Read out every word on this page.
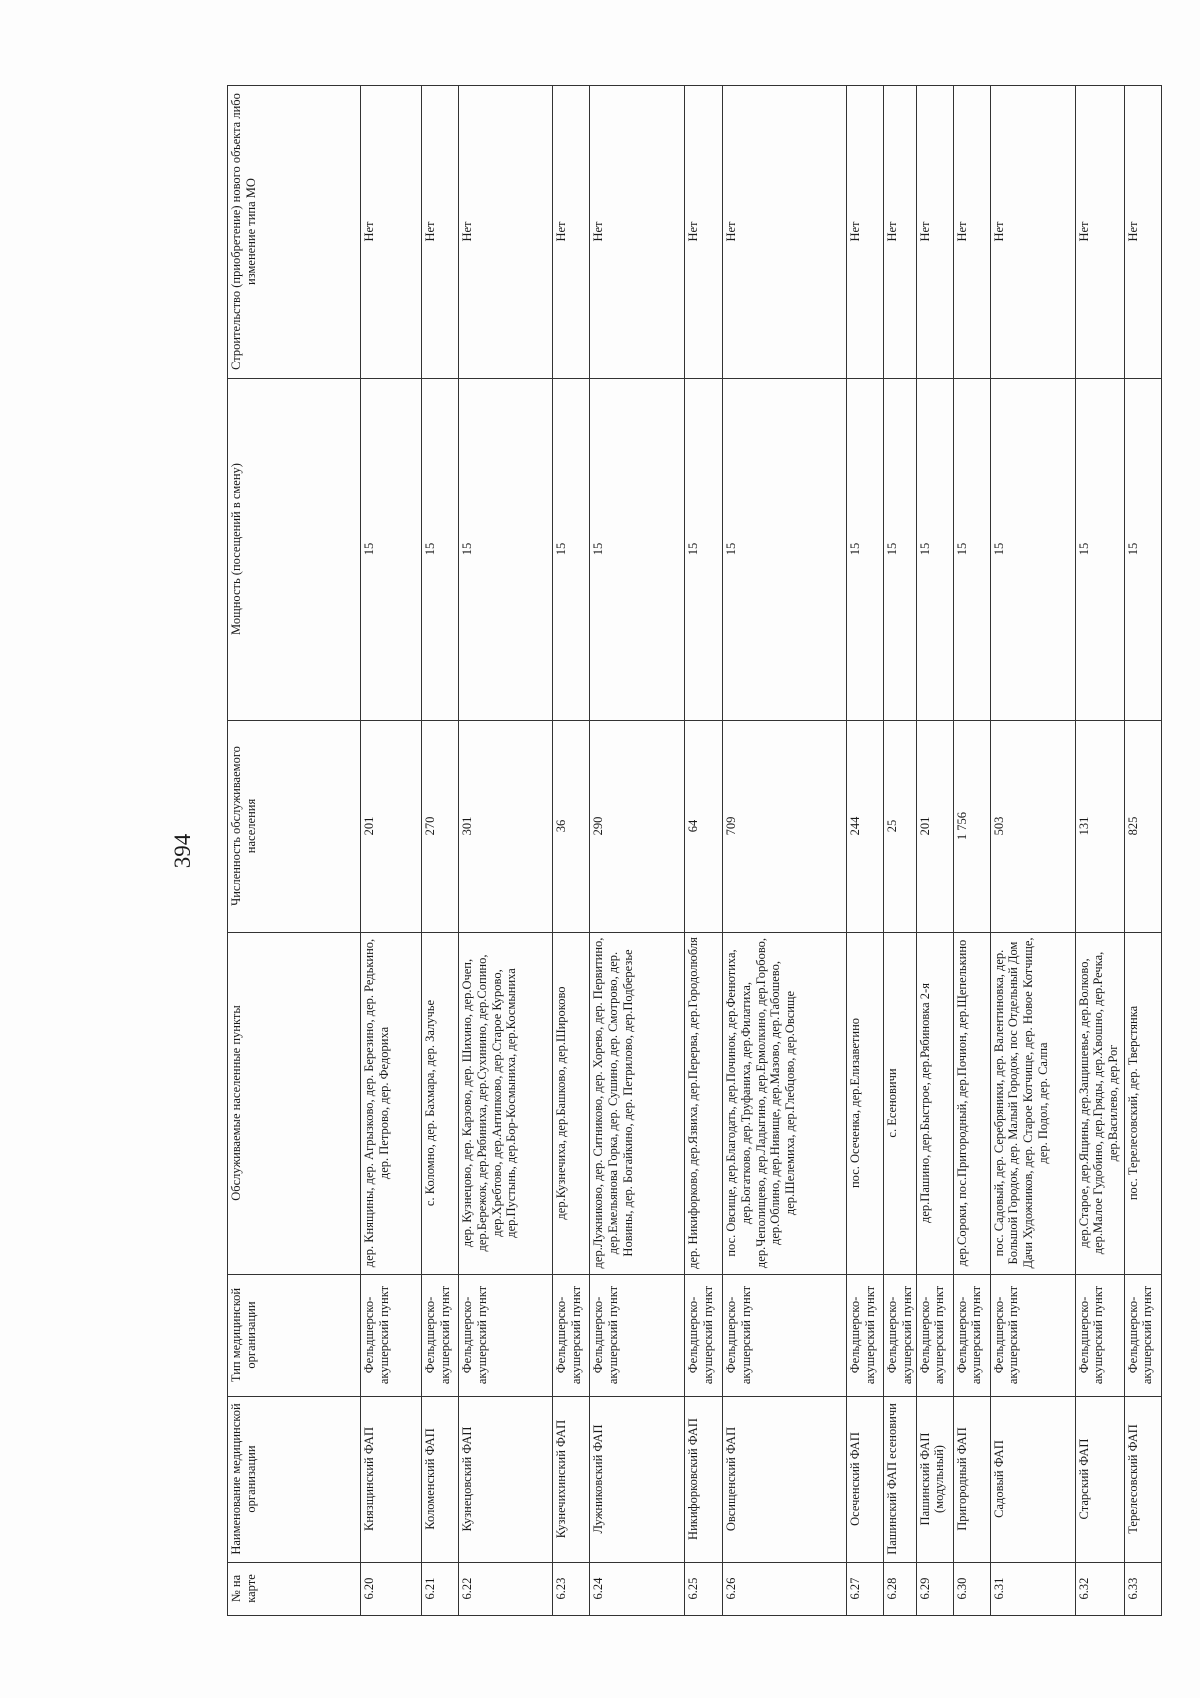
394
№ на карте	Наименование медицинской организации	Тип медицинской организации	Обслуживаемые населенные пункты	Численность обслуживаемого населения	Мощность (посещений в смену)	Строительство (приобретение) нового объекта либо изменение типа МО
6.20	Князщинский ФАП	Фельдшерско-акушерский пункт	дер. Княщины, дер. Агрызково, дер. Березино, дер. Редькино, дер. Петрово, дер. Федориха	201	15	Нет
6.21	Коломенский ФАП	Фельдшерско-акушерский пункт	с. Коломно, дер. Бахмара, дер. Залучье	270	15	Нет
6.22	Кузнецовский ФАП	Фельдшерско-акушерский пункт	дер. Кузнецово, дер. Карзово, дер. Шихино, дер.Очеп, дер.Бережок, дер.Рябиниха, дер.Сухинино, дер.Сопино, дер.Хребтово, дер.Антипково, дер.Старое Курово, дер.Пустынь, дер.Бор-Космыниха, дер.Космыниха	301	15	Нет
6.23	Кузнечихинский ФАП	Фельдшерско-акушерский пункт	дер.Кузнечиха, дер.Башково, дер.Широково	36	15	Нет
6.24	Лужниковский ФАП	Фельдшерско-акушерский пункт	дер.Лужниково, дер. Ситниково, дер. Хорево, дер. Первитино, дер.Емельянова Горка, дер. Сушино, дер. Смотрово, дер. Новины, дер. Богайкино, дер. Петрилово, дер.Подберезье	290	15	Нет
6.25	Никифорковский ФАП	Фельдшерско-акушерский пункт	дер. Никифорково, дер.Язвиха, дер.Перерва, дер.Городолюбля	64	15	Нет
6.26	Овсищенский ФАП	Фельдшерско-акушерский пункт	пос. Овсище, дер.Благодать, дер.Починок, дер.Фенютиха, дер.Богатково, дер.Труфаниха, дер.Филатиха, дер.Чеполищево, дер.Ладыгино, дер.Ермолкино, дер.Горбово, дер.Облино, дер.Нивище, дер.Мазово, дер.Табошево, дер.Шелемиха, дер.Глебцово, дер.Овсище	709	15	Нет
6.27	Осеченский ФАП	Фельдшерско-акушерский пункт	пос. Осеченка, дер.Елизаветино	244	15	Нет
6.28	Пашинский ФАП есеновичи	Фельдшерско-акушерский пункт	с. Есеновичи	25	15	Нет
6.29	Пашинский ФАП (модульный)	Фельдшерско-акушерский пункт	дер.Пашино, дер.Быстрое, дер.Рябиновка 2-я	201	15	Нет
6.30	Пригородный ФАП	Фельдшерско-акушерский пункт	дер.Сороки, пос.Пригородный, дер.Почион, дер.Щепелькино	1 756	15	Нет
6.31	Садовый ФАП	Фельдшерско-акушерский пункт	пос. Садовый, дер. Серебряники, дер. Валентиновка, дер. Большой Городок, дер. Малый Городок, пос Отдельный Дом Дачи Художников, дер. Старое Котчище, дер. Новое Котчище, дер. Подол, дер. Салпа	503	15	Нет
6.32	Старский ФАП	Фельдшерско-акушерский пункт	дер.Старое, дер.Ящины, дер.Защишевье, дер.Волково, дер.Малое Гудобино, дер.Гряды, дер.Хвошно, дер.Речка, дер.Василево, дер.Рог	131	15	Нет
6.33	Терелесовский ФАП	Фельдшерско-акушерский пункт	пос. Терелесовский, дер. Тверстянка	825	15	Нет
